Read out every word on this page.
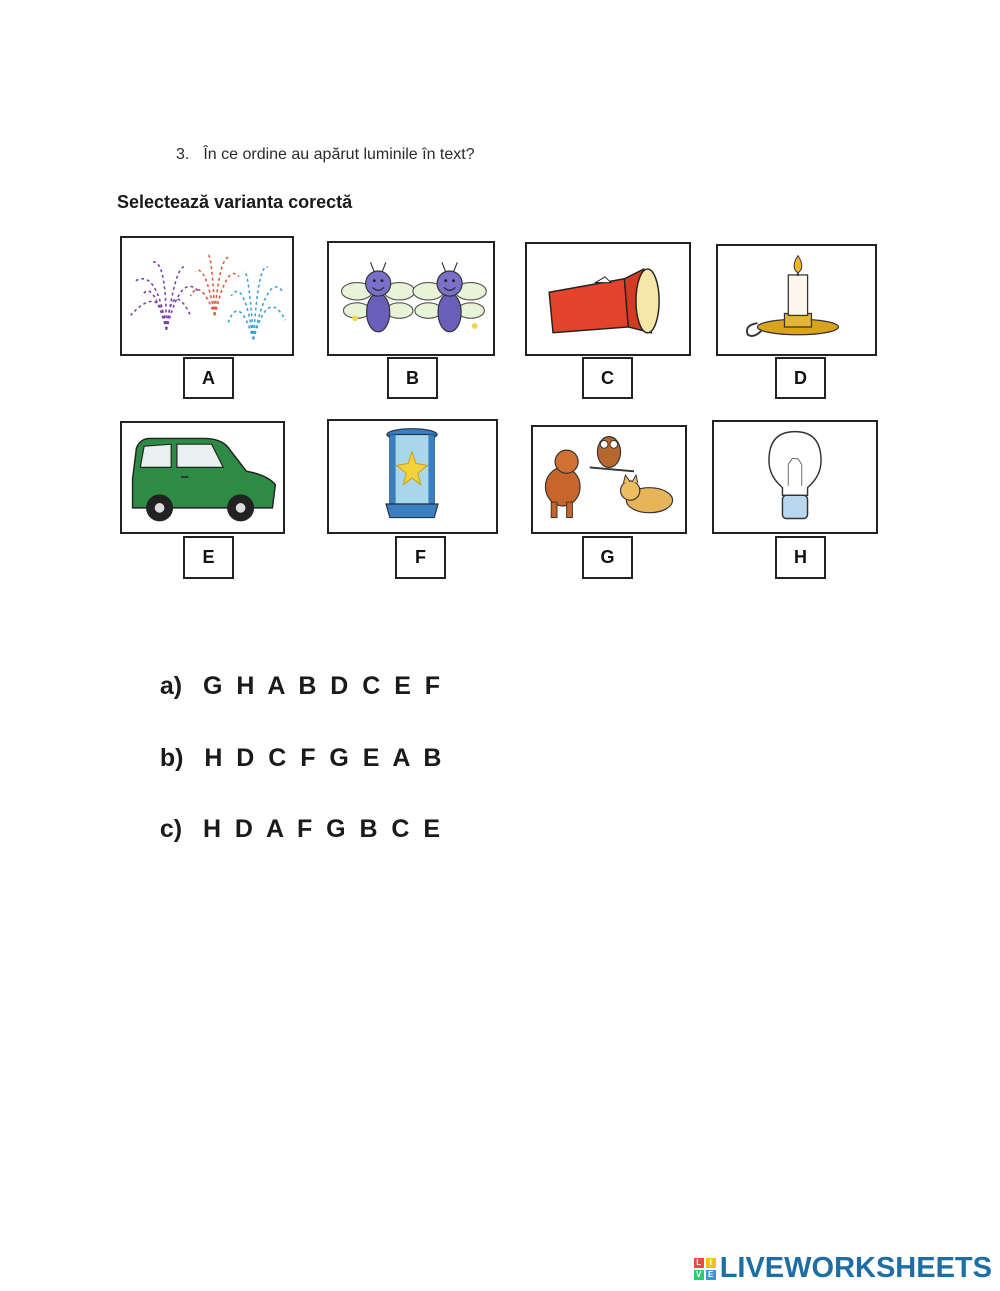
3. În ce ordine au apărut luminile în text?
Selectează varianta corectă
A	B	C	D
E	F	G	H

a) G  H  A  B  D  C  E  F

b) H  D  C  F  G  E  A  B

c) H  D  A  F  G  B  C  E

L	I
V E LIVEWORKSHEETS
